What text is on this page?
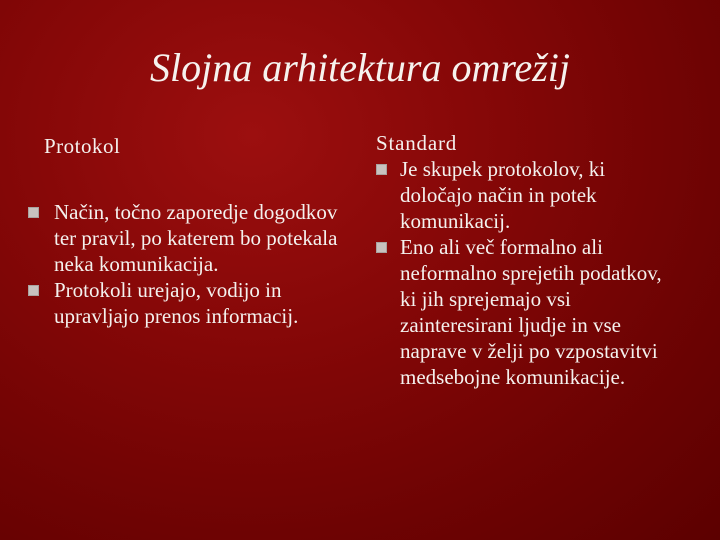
Slojna arhitektura omrežij

Protokol

Način, točno zaporedje dogodkov ter pravil, po katerem bo potekala neka komunikacija.
Protokoli urejajo, vodijo in upravljajo prenos informacij.

Standard

Je skupek protokolov, ki določajo način in potek komunikacij.
Eno ali več formalno ali neformalno sprejetih podatkov, ki jih sprejemajo vsi zainteresirani ljudje in vse naprave v želji po vzpostavitvi medsebojne komunikacije.
